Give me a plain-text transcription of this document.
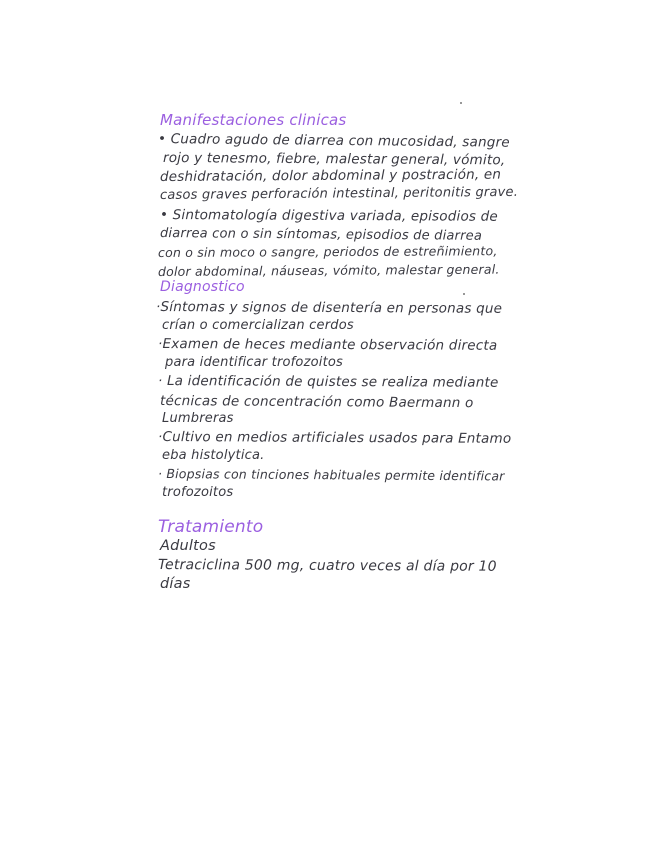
Manifestaciones clinicas
• Cuadro agudo de diarrea con mucosidad, sangre
rojo y tenesmo, fiebre, malestar general, vómito,
deshidratación, dolor abdominal y postración, en
casos graves perforación intestinal, peritonitis grave.
• Sintomatología digestiva variada, episodios de
diarrea con o sin síntomas, episodios de diarrea
con o sin moco o sangre, periodos de estreñimiento,
dolor abdominal, náuseas, vómito, malestar general.
Diagnostico
·Síntomas y signos de disentería en personas que
crían o comercializan cerdos
·Examen de heces mediante observación directa
para identificar trofozoitos
· La identificación de quistes se realiza mediante
técnicas de concentración como Baermann o
Lumbreras
·Cultivo en medios artificiales usados para Entamo
eba histolytica.
· Biopsias con tinciones habituales permite identificar
trofozoitos
Tratamiento
Adultos
Tetraciclina 500 mg, cuatro veces al día por 10
días
